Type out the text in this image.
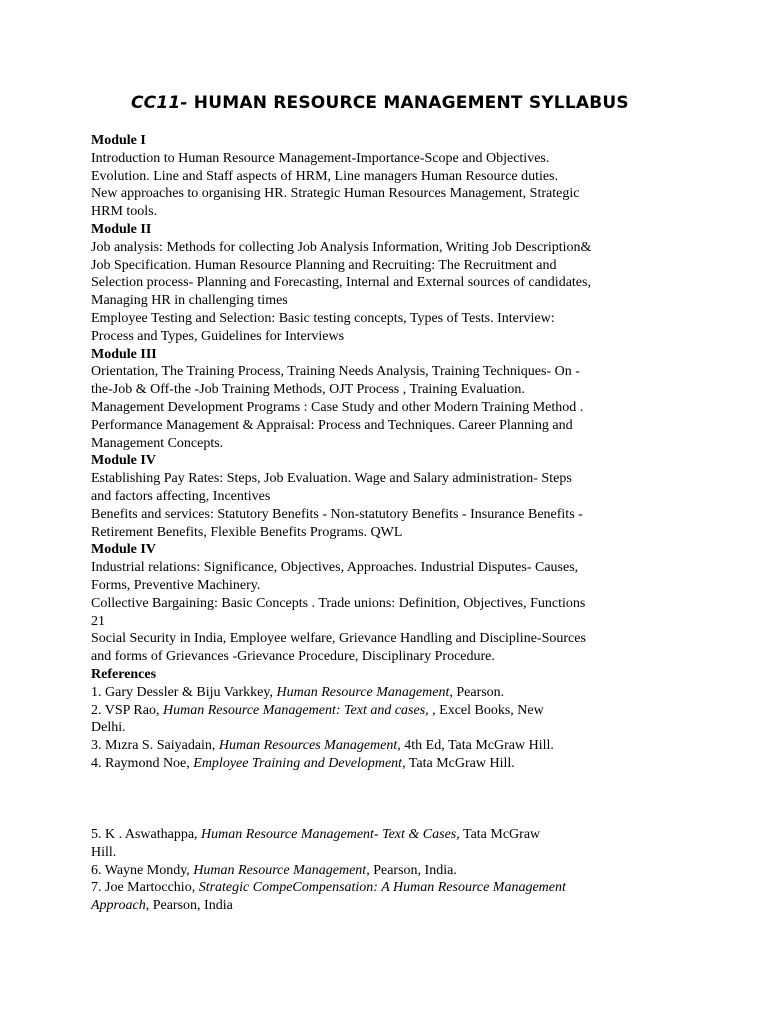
CC11- HUMAN RESOURCE MANAGEMENT SYLLABUS
Module I
Introduction to Human Resource Management-Importance-Scope and Objectives.
Evolution. Line and Staff aspects of HRM, Line managers Human Resource duties.
New approaches to organising HR. Strategic Human Resources Management, Strategic
HRM tools.
Module II
Job analysis: Methods for collecting Job Analysis Information, Writing Job Description&
Job Specification. Human Resource Planning and Recruiting: The Recruitment and
Selection process- Planning and Forecasting, Internal and External sources of candidates,
Managing HR in challenging times
Employee Testing and Selection: Basic testing concepts, Types of Tests. Interview:
Process and Types, Guidelines for Interviews
Module III
Orientation, The Training Process, Training Needs Analysis, Training Techniques- On -
the-Job & Off-the -Job Training Methods, OJT Process , Training Evaluation.
Management Development Programs : Case Study and other Modern Training Method .
Performance Management & Appraisal: Process and Techniques. Career Planning and
Management Concepts.
Module IV
Establishing Pay Rates: Steps, Job Evaluation. Wage and Salary administration- Steps
and factors affecting, Incentives
Benefits and services: Statutory Benefits - Non-statutory Benefits - Insurance Benefits -
Retirement Benefits, Flexible Benefits Programs. QWL
Module IV
Industrial relations: Significance, Objectives, Approaches. Industrial Disputes- Causes,
Forms, Preventive Machinery.
Collective Bargaining: Basic Concepts . Trade unions: Definition, Objectives, Functions
21
Social Security in India, Employee welfare, Grievance Handling and Discipline-Sources
and forms of Grievances -Grievance Procedure, Disciplinary Procedure.
References
1. Gary Dessler & Biju Varkkey, Human Resource Management, Pearson.
2. VSP Rao, Human Resource Management: Text and cases, , Excel Books, New
Delhi.
3. Mızra S. Saiyadain, Human Resources Management, 4th Ed, Tata McGraw Hill.
4. Raymond Noe, Employee Training and Development, Tata McGraw Hill.
5. K . Aswathappa, Human Resource Management- Text & Cases, Tata McGraw
Hill.
6. Wayne Mondy, Human Resource Management, Pearson, India.
7. Joe Martocchio, Strategic CompeCompensation: A Human Resource Management
Approach, Pearson, India
